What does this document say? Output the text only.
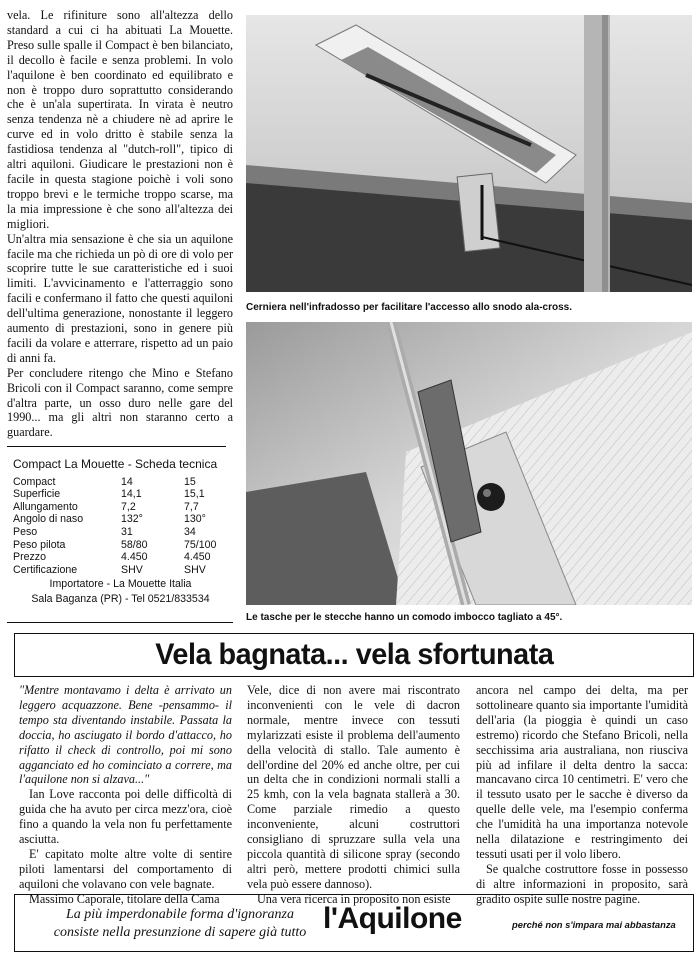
vela. Le rifiniture sono all'altezza dello standard a cui ci ha abituati La Mouette. Preso sulle spalle il Compact è ben bilanciato, il decollo è facile e senza problemi. In volo l'aquilone è ben coordinato ed equilibrato e non è troppo duro soprattutto considerando che è un'ala supertirata. In virata è neutro senza tendenza nè a chiudere nè ad aprire le curve ed in volo dritto è stabile senza la fastidiosa tendenza al "dutch-roll", tipico di altri aquiloni. Giudicare le prestazioni non è facile in questa stagione poichè i voli sono troppo brevi e le termiche troppo scarse, ma la mia impressione è che sono all'altezza dei migliori.

Un'altra mia sensazione è che sia un aquilone facile ma che richieda un pò di ore di volo per scoprire tutte le sue caratteristiche ed i suoi limiti. L'avvicinamento e l'atterraggio sono facili e confermano il fatto che questi aquiloni dell'ultima generazione, nonostante il leggero aumento di prestazioni, sono in genere più facili da volare e atterrare, rispetto ad un paio di anni fa.

Per concludere ritengo che Mino e Stefano Bricoli con il Compact saranno, come sempre d'altra parte, un osso duro nelle gare del 1990... ma gli altri non staranno certo a guardare.

Compact La Mouette - Scheda tecnica
Compact	14	15
Superficie	14,1	15,1
Allungamento	7,2	7,7
Angolo di naso	132°	130°
Peso	31	34
Peso pilota	58/80	75/100
Prezzo	4.450	4.450
Certificazione	SHV	SHV
Importatore - La Mouette Italia
Sala Baganza (PR) - Tel 0521/833534
Cerniera nell'infradosso per facilitare l'accesso allo snodo ala-cross.
Le tasche per le stecche hanno un comodo imbocco tagliato a 45°.
Vela bagnata... vela sfortunata

"Mentre montavamo i delta è arrivato un leggero acquazzone. Bene -pensammo- il tempo sta diventando instabile. Passata la doccia, ho asciugato il bordo d'attacco, ho rifatto il check di controllo, poi mi sono agganciato ed ho cominciato a correre, ma l'aquilone non si alzava..."

Ian Love racconta poi delle difficoltà di guida che ha avuto per circa mezz'ora, cioè fino a quando la vela non fu perfettamente asciutta.

E' capitato molte altre volte di sentire piloti lamentarsi del comportamento di aquiloni che volavano con vele bagnate.

Massimo Caporale, titolare della Cama

Vele, dice di non avere mai riscontrato inconvenienti con le vele di dacron normale, mentre invece con tessuti mylarizzati esiste il problema dell'aumento della velocità di stallo. Tale aumento è dell'ordine del 20% ed anche oltre, per cui un delta che in condizioni normali stalli a 25 kmh, con la vela bagnata stallerà a 30. Come parziale rimedio a questo inconveniente, alcuni costruttori consigliano di spruzzare sulla vela una piccola quantità di silicone spray (secondo altri però, mettere prodotti chimici sulla vela può essere dannoso).

Una vera ricerca in proposito non esiste

ancora nel campo dei delta, ma per sottolineare quanto sia importante l'umidità dell'aria (la pioggia è quindi un caso estremo) ricordo che Stefano Bricoli, nella secchissima aria australiana, non riusciva più ad infilare il delta dentro la sacca: mancavano circa 10 centimetri. E' vero che il tessuto usato per le sacche è diverso da quelle delle vele, ma l'esempio conferma che l'umidità ha una importanza notevole nella dilatazione e restringimento dei tessuti usati per il volo libero.

Se qualche costruttore fosse in possesso di altre informazioni in proposito, sarà gradito ospite sulle nostre pagine.

La più imperdonabile forma d'ignoranza
consiste nella presunzione di sapere già tutto l'Aquilone	perché non s'impara mai abbastanza
